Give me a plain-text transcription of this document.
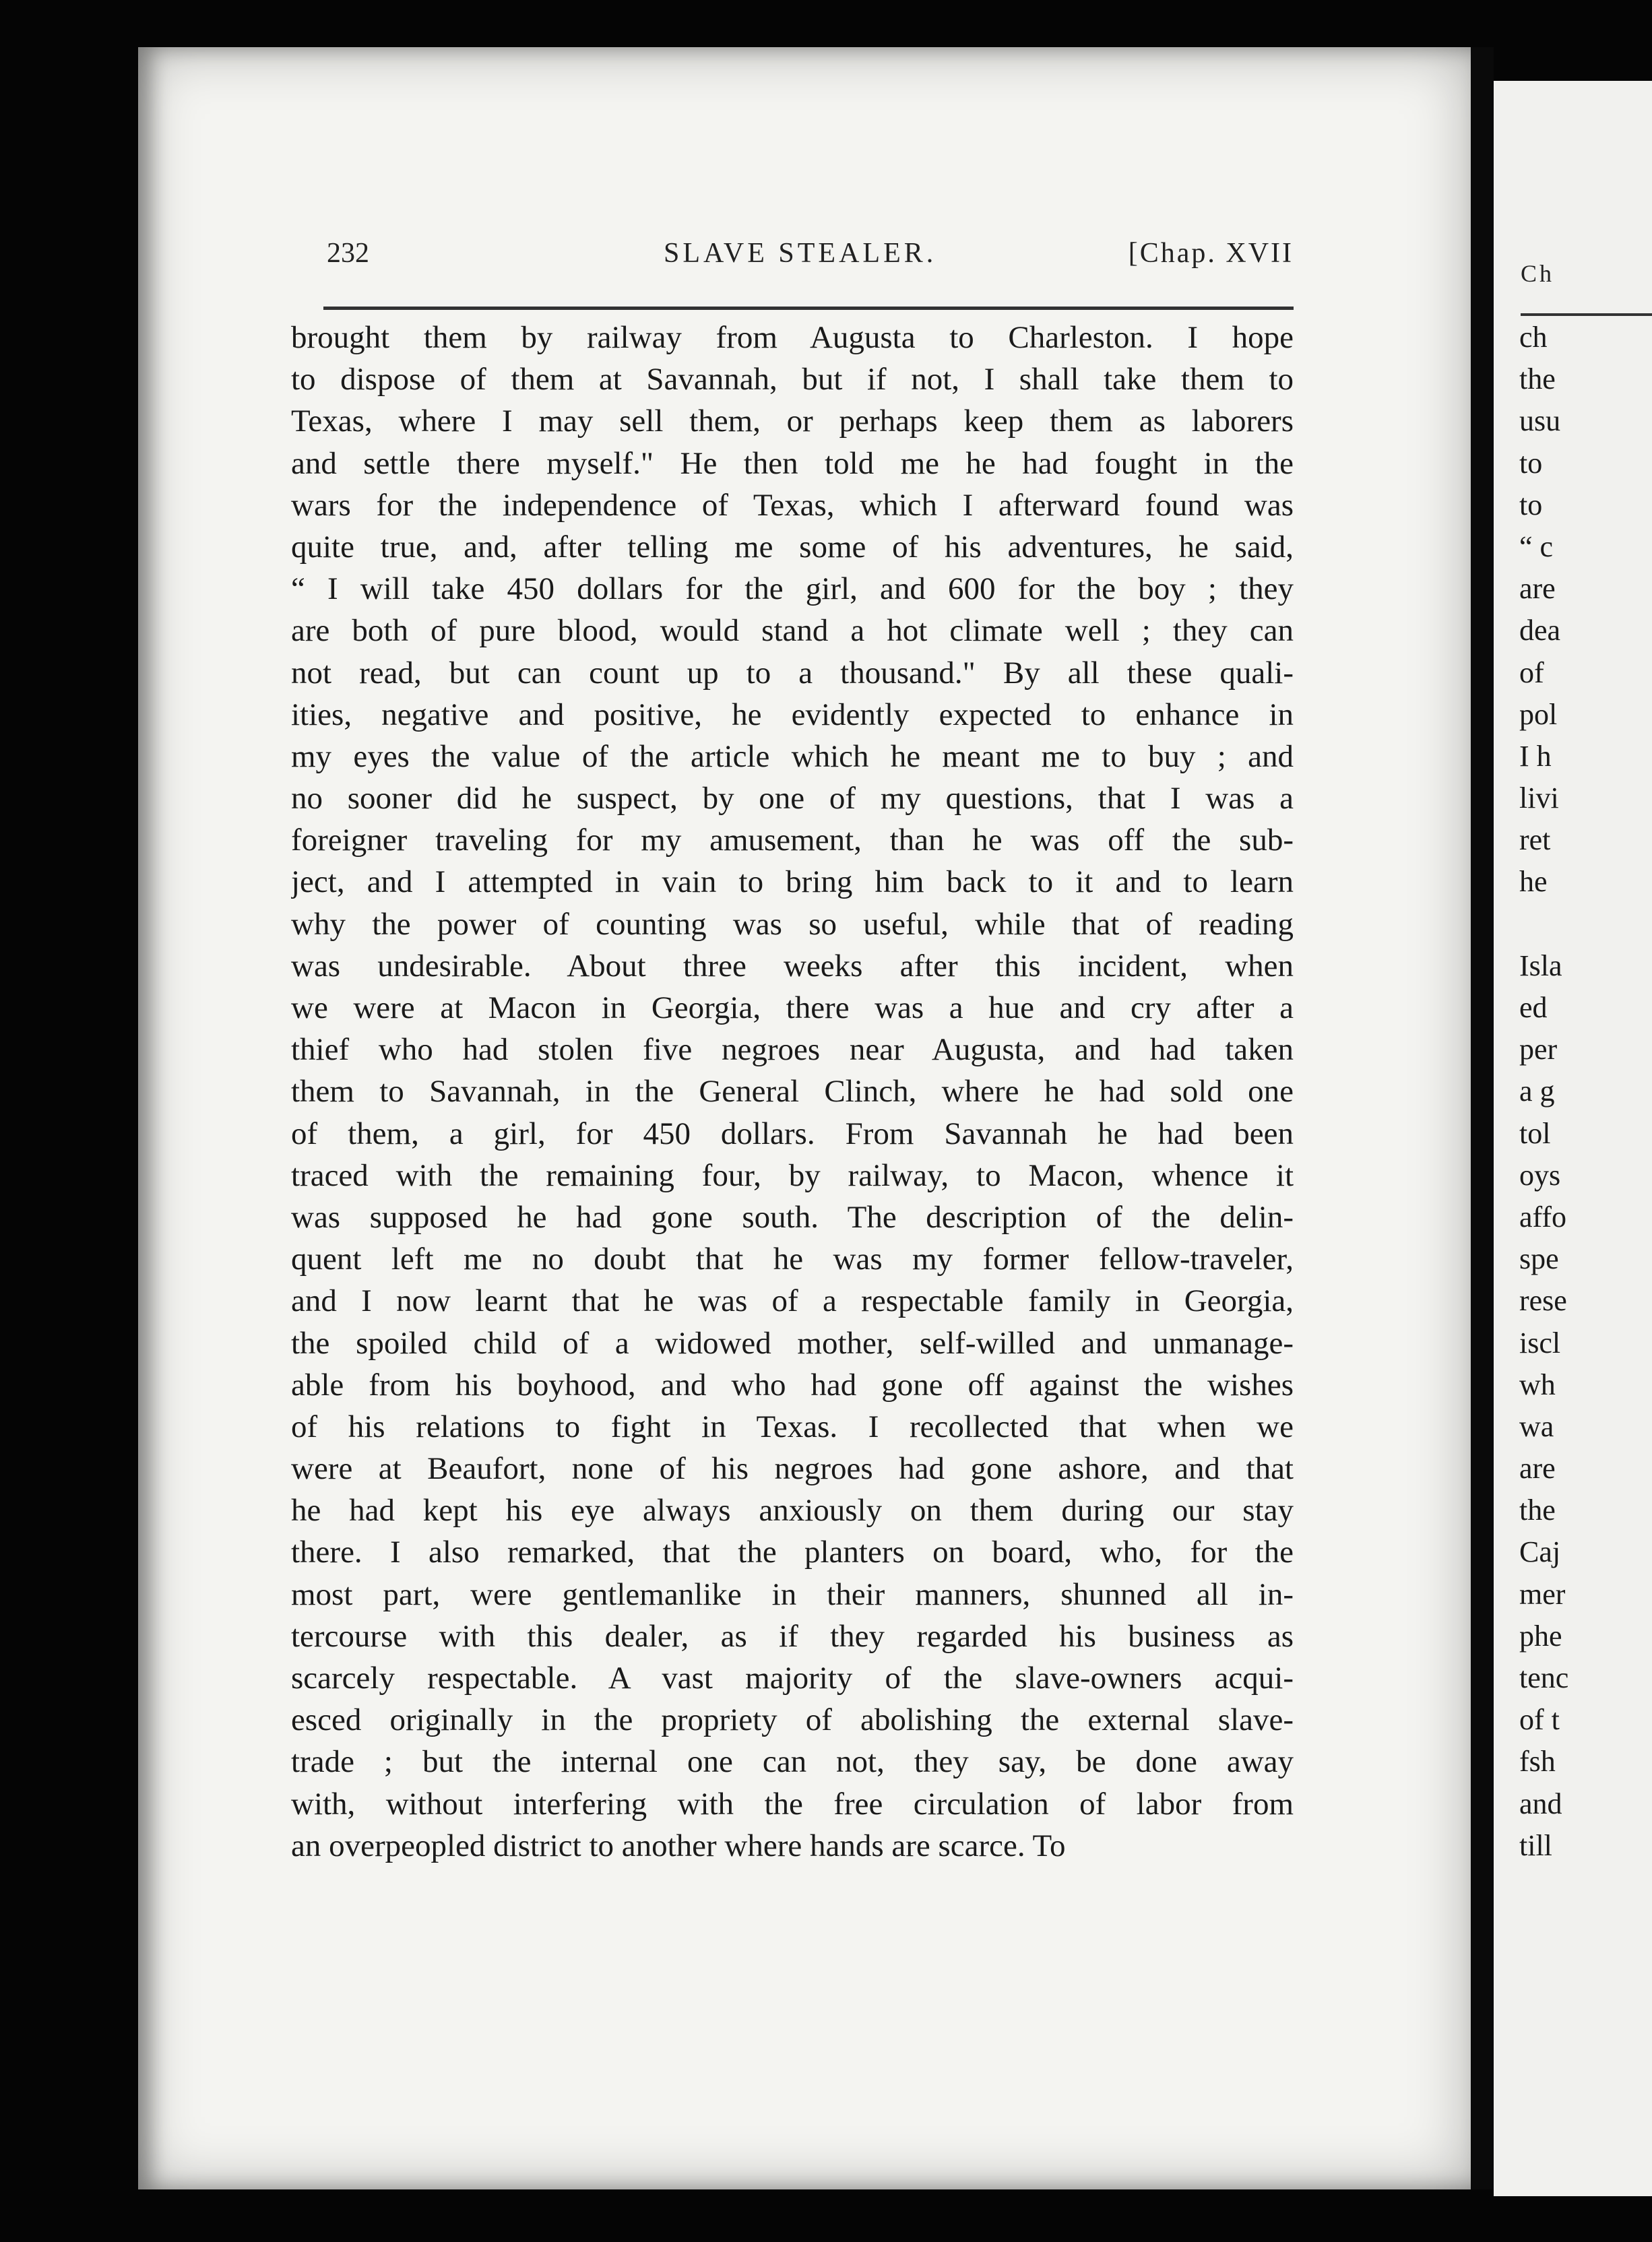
232	SLAVE STEALER.	[Chap. XVII
brought them by railway from Augusta to Charleston. I hope
to dispose of them at Savannah, but if not, I shall take them to
Texas, where I may sell them, or perhaps keep them as laborers
and settle there myself." He then told me he had fought in the
wars for the independence of Texas, which I afterward found was
quite true, and, after telling me some of his adventures, he said,
“ I will take 450 dollars for the girl, and 600 for the boy ; they
are both of pure blood, would stand a hot climate well ; they can
not read, but can count up to a thousand." By all these quali-
ities, negative and positive, he evidently expected to enhance in
my eyes the value of the article which he meant me to buy ; and
no sooner did he suspect, by one of my questions, that I was a
foreigner traveling for my amusement, than he was off the sub-
ject, and I attempted in vain to bring him back to it and to learn
why the power of counting was so useful, while that of reading
was undesirable. About three weeks after this incident, when
we were at Macon in Georgia, there was a hue and cry after a
thief who had stolen five negroes near Augusta, and had taken
them to Savannah, in the General Clinch, where he had sold one
of them, a girl, for 450 dollars. From Savannah he had been
traced with the remaining four, by railway, to Macon, whence it
was supposed he had gone south. The description of the delin-
quent left me no doubt that he was my former fellow-traveler,
and I now learnt that he was of a respectable family in Georgia,
the spoiled child of a widowed mother, self-willed and unmanage-
able from his boyhood, and who had gone off against the wishes
of his relations to fight in Texas. I recollected that when we
were at Beaufort, none of his negroes had gone ashore, and that
he had kept his eye always anxiously on them during our stay
there. I also remarked, that the planters on board, who, for the
most part, were gentlemanlike in their manners, shunned all in-
tercourse with this dealer, as if they regarded his business as
scarcely respectable. A vast majority of the slave-owners acqui-
esced originally in the propriety of abolishing the external slave-
trade ; but the internal one can not, they say, be done away
with, without interfering with the free circulation of labor from
an overpeopled district to another where hands are scarce. To
Ch
ch
the
usu
to
to
“ c
are
dea
of
pol
I h
livi
ret
he
Isla
ed
per
a g
tol
oys
affo
spe
rese
iscl
wh
wa
are
the
Caj
mer
phe
tenc
of t
fsh
and
till
